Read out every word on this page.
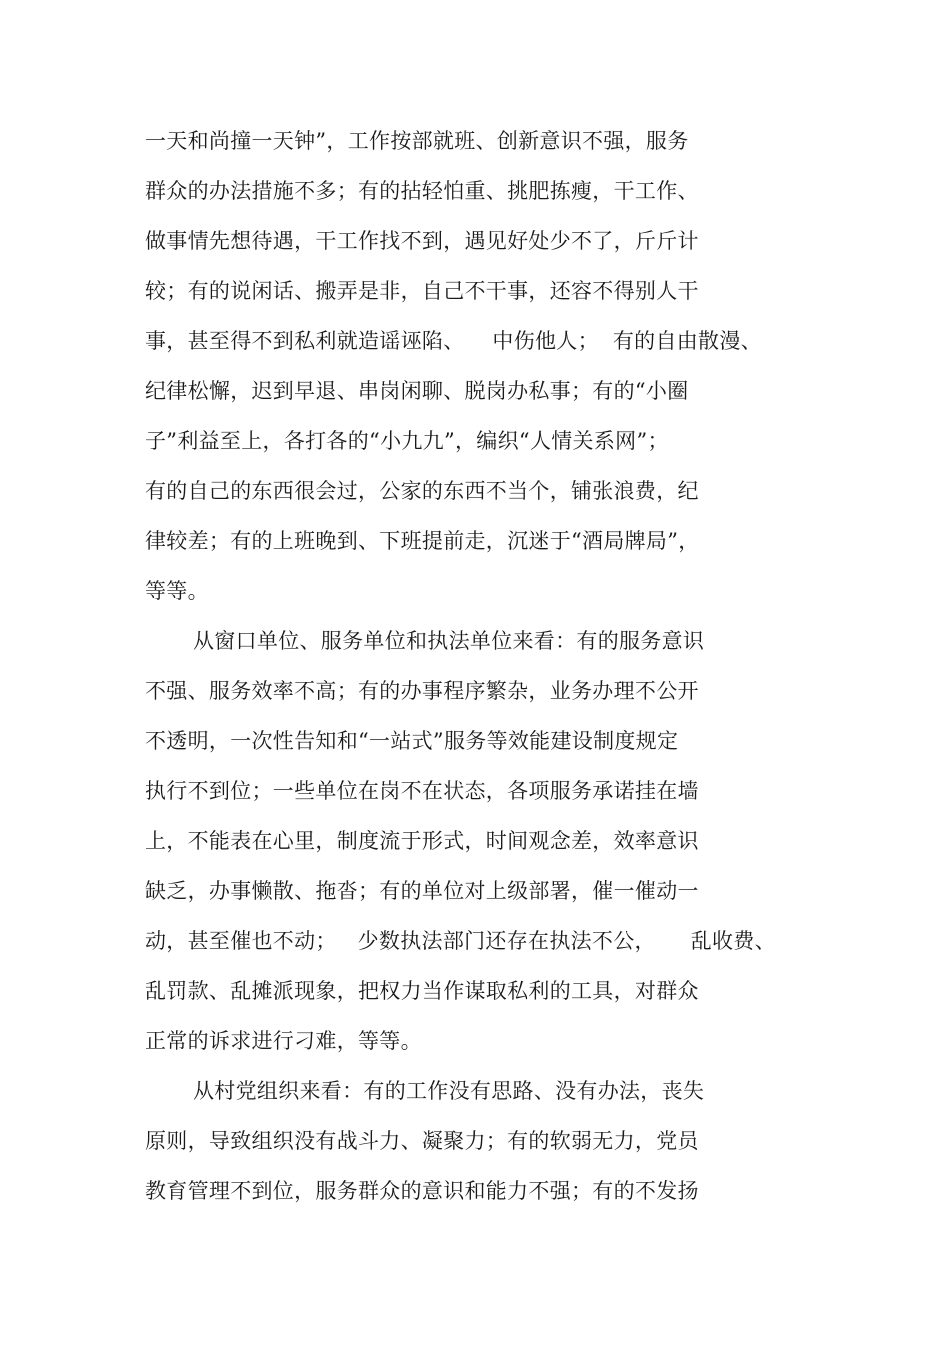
一天和尚撞一天钟”，工作按部就班、创新意识不强，服务
群众的办法措施不多；有的拈轻怕重、挑肥拣瘦，干工作、
做事情先想待遇，干工作找不到，遇见好处少不了，斤斤计
较；有的说闲话、搬弄是非，自己不干事，还容不得别人干
事，甚至得不到私利就造谣诬陷、    中伤他人；  有的自由散漫、
纪律松懈，迟到早退、串岗闲聊、脱岗办私事；有的“小圈
子”利益至上，各打各的“小九九”，编织“人情关系网”；
有的自己的东西很会过，公家的东西不当个，铺张浪费，纪
律较差；有的上班晚到、下班提前走，沉迷于“酒局牌局”，
等等。
从窗口单位、服务单位和执法单位来看：有的服务意识
不强、服务效率不高；有的办事程序繁杂，业务办理不公开
不透明，一次性告知和“一站式”服务等效能建设制度规定
执行不到位；一些单位在岗不在状态，各项服务承诺挂在墙
上，不能表在心里，制度流于形式，时间观念差，效率意识
缺乏，办事懒散、拖沓；有的单位对上级部署，催一催动一
动，甚至催也不动；   少数执法部门还存在执法不公，     乱收费、
乱罚款、乱摊派现象，把权力当作谋取私利的工具，对群众
正常的诉求进行刁难，等等。
从村党组织来看：有的工作没有思路、没有办法，丧失
原则，导致组织没有战斗力、凝聚力；有的软弱无力，党员
教育管理不到位，服务群众的意识和能力不强；有的不发扬
